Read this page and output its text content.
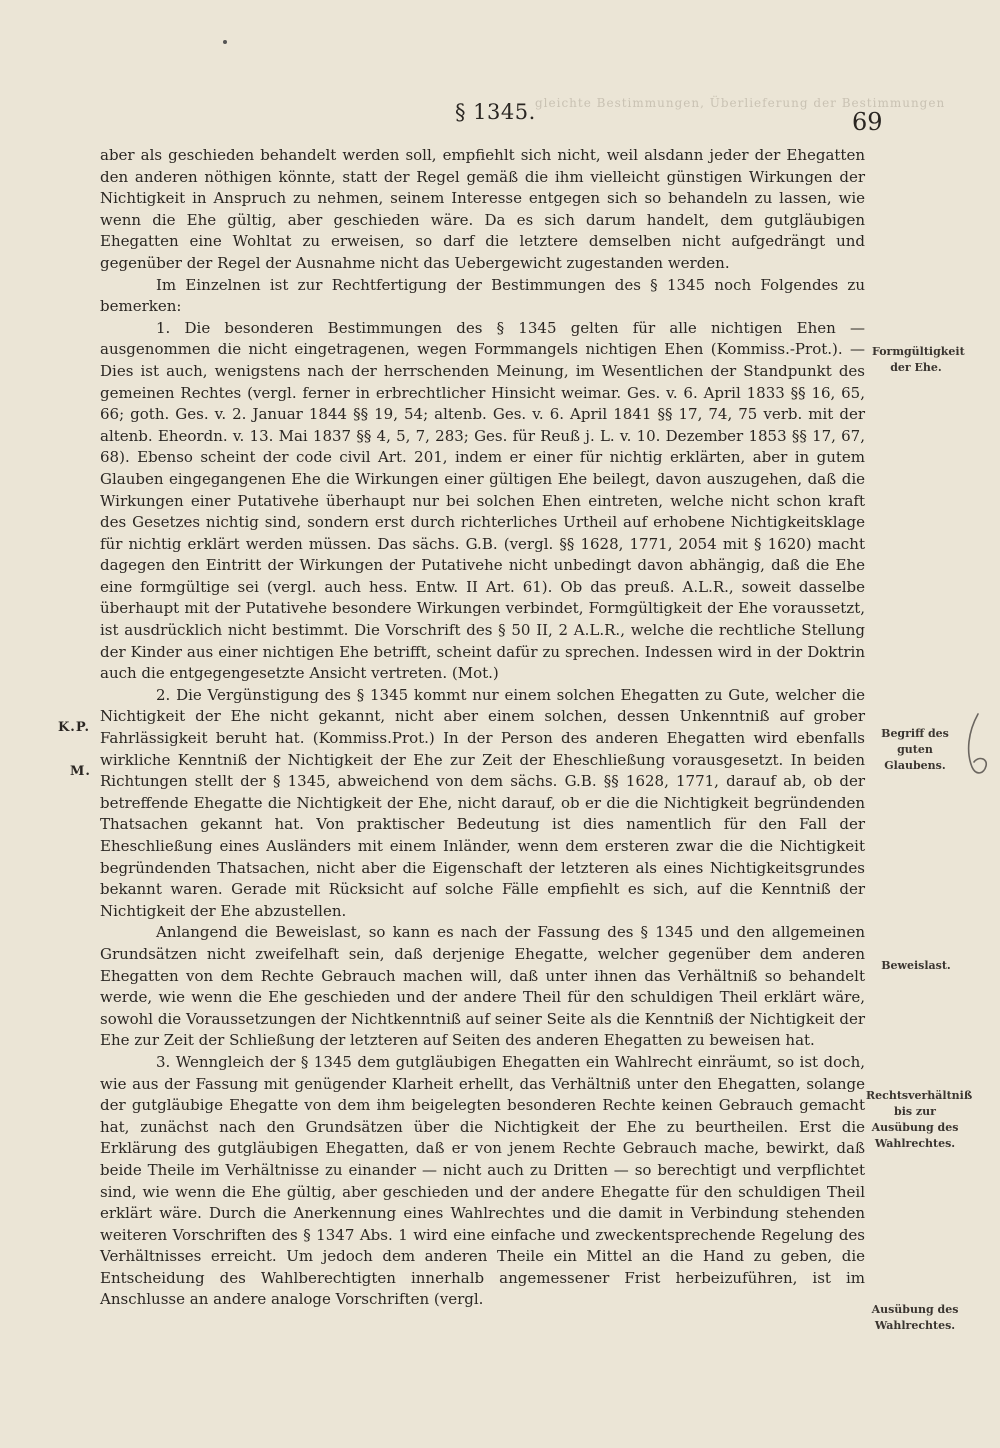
gleichte Bestimmungen, Überlieferung der Bestimmungen
§ 1345.	69

aber als geschieden behandelt werden soll, empfiehlt sich nicht, weil alsdann jeder der Ehegatten den anderen nöthigen könnte, statt der Regel gemäß die ihm vielleicht günstigen Wirkungen der Nichtigkeit in Anspruch zu nehmen, seinem Interesse entgegen sich so behandeln zu lassen, wie wenn die Ehe gültig, aber geschieden wäre. Da es sich darum handelt, dem gutgläubigen Ehegatten eine Wohltat zu erweisen, so darf die letztere demselben nicht aufgedrängt und gegenüber der Regel der Ausnahme nicht das Uebergewicht zugestanden werden.

Im Einzelnen ist zur Rechtfertigung der Bestimmungen des § 1345 noch Folgendes zu bemerken:

1. Die besonderen Bestimmungen des § 1345 gelten für alle nichtigen Ehen — ausgenommen die nicht eingetragenen, wegen Formmangels nichtigen Ehen (Kommiss.-Prot.). — Dies ist auch, wenigstens nach der herrschenden Meinung, im Wesentlichen der Standpunkt des gemeinen Rechtes (vergl. ferner in erbrechtlicher Hinsicht weimar. Ges. v. 6. April 1833 §§ 16, 65, 66; goth. Ges. v. 2. Januar 1844 §§ 19, 54; altenb. Ges. v. 6. April 1841 §§ 17, 74, 75 verb. mit der altenb. Eheordn. v. 13. Mai 1837 §§ 4, 5, 7, 283; Ges. für Reuß j. L. v. 10. Dezember 1853 §§ 17, 67, 68). Ebenso scheint der code civil Art. 201, indem er einer für nichtig erklärten, aber in gutem Glauben eingegangenen Ehe die Wirkungen einer gültigen Ehe beilegt, davon auszugehen, daß die Wirkungen einer Putativehe überhaupt nur bei solchen Ehen eintreten, welche nicht schon kraft des Gesetzes nichtig sind, sondern erst durch richterliches Urtheil auf erhobene Nichtigkeitsklage für nichtig erklärt werden müssen. Das sächs. G.B. (vergl. §§ 1628, 1771, 2054 mit § 1620) macht dagegen den Eintritt der Wirkungen der Putativehe nicht unbedingt davon abhängig, daß die Ehe eine formgültige sei (vergl. auch hess. Entw. II Art. 61). Ob das preuß. A.L.R., soweit dasselbe überhaupt mit der Putativehe besondere Wirkungen verbindet, Formgültigkeit der Ehe voraussetzt, ist ausdrücklich nicht bestimmt. Die Vorschrift des § 50 II, 2 A.L.R., welche die rechtliche Stellung der Kinder aus einer nichtigen Ehe betrifft, scheint dafür zu sprechen. Indessen wird in der Doktrin auch die entgegengesetzte Ansicht vertreten. (Mot.)

2. Die Vergünstigung des § 1345 kommt nur einem solchen Ehegatten zu Gute, welcher die Nichtigkeit der Ehe nicht gekannt, nicht aber einem solchen, dessen Unkenntniß auf grober Fahrlässigkeit beruht hat. (Kommiss.Prot.) In der Person des anderen Ehegatten wird ebenfalls wirkliche Kenntniß der Nichtigkeit der Ehe zur Zeit der Eheschließung vorausgesetzt. In beiden Richtungen stellt der § 1345, abweichend von dem sächs. G.B. §§ 1628, 1771, darauf ab, ob der betreffende Ehegatte die Nichtigkeit der Ehe, nicht darauf, ob er die die Nichtigkeit begründenden Thatsachen gekannt hat. Von praktischer Bedeutung ist dies namentlich für den Fall der Eheschließung eines Ausländers mit einem Inländer, wenn dem ersteren zwar die die Nichtigkeit begründenden Thatsachen, nicht aber die Eigenschaft der letzteren als eines Nichtigkeitsgrundes bekannt waren. Gerade mit Rücksicht auf solche Fälle empfiehlt es sich, auf die Kenntniß der Nichtigkeit der Ehe abzustellen.

Anlangend die Beweislast, so kann es nach der Fassung des § 1345 und den allgemeinen Grundsätzen nicht zweifelhaft sein, daß derjenige Ehegatte, welcher gegenüber dem anderen Ehegatten von dem Rechte Gebrauch machen will, daß unter ihnen das Verhältniß so behandelt werde, wie wenn die Ehe geschieden und der andere Theil für den schuldigen Theil erklärt wäre, sowohl die Voraussetzungen der Nichtkenntniß auf seiner Seite als die Kenntniß der Nichtigkeit der Ehe zur Zeit der Schließung der letzteren auf Seiten des anderen Ehegatten zu beweisen hat.

3. Wenngleich der § 1345 dem gutgläubigen Ehegatten ein Wahlrecht einräumt, so ist doch, wie aus der Fassung mit genügender Klarheit erhellt, das Verhältniß unter den Ehegatten, solange der gutgläubige Ehegatte von dem ihm beigelegten besonderen Rechte keinen Gebrauch gemacht hat, zunächst nach den Grundsätzen über die Nichtigkeit der Ehe zu beurtheilen. Erst die Erklärung des gutgläubigen Ehegatten, daß er von jenem Rechte Gebrauch mache, bewirkt, daß beide Theile im Verhältnisse zu einander — nicht auch zu Dritten — so berechtigt und verpflichtet sind, wie wenn die Ehe gültig, aber geschieden und der andere Ehegatte für den schuldigen Theil erklärt wäre. Durch die Anerkennung eines Wahlrechtes und die damit in Verbindung stehenden weiteren Vorschriften des § 1347 Abs. 1 wird eine einfache und zweckentsprechende Regelung des Verhältnisses erreicht. Um jedoch dem anderen Theile ein Mittel an die Hand zu geben, die Entscheidung des Wahlberechtigten innerhalb angemessener Frist herbeizuführen, ist im Anschlusse an andere analoge Vorschriften (vergl.

Formgültigkeit der Ehe.
Begriff des guten Glaubens.
Beweislast.
Rechtsverhältniß bis zur Ausübung des Wahlrechtes.
Ausübung des Wahlrechtes.
K.P.
M.
